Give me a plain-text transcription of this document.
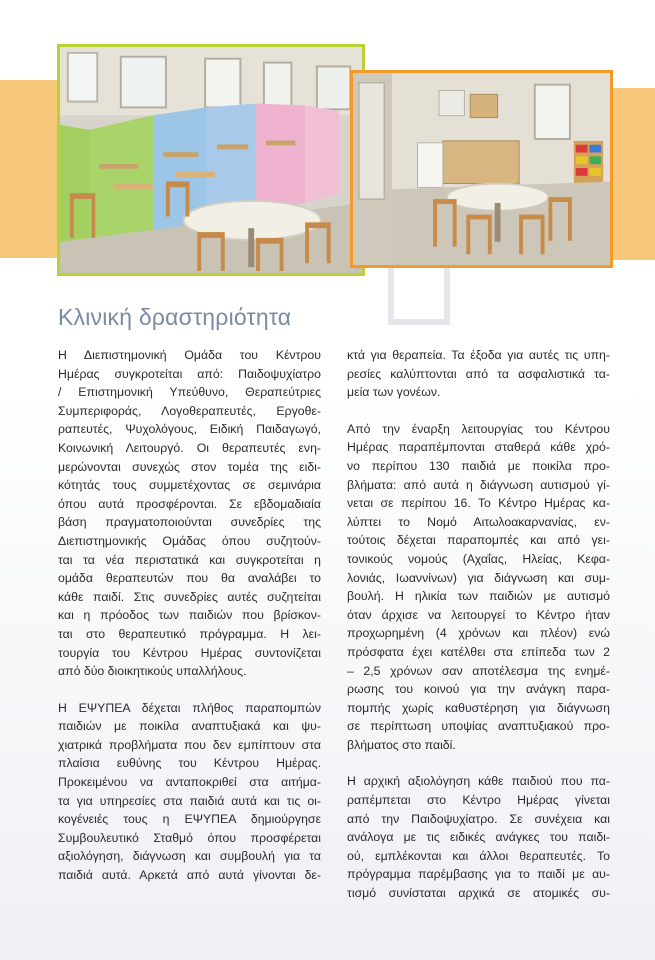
Κλινική δραστηριότητα

Η Διεπιστημονική Ομάδα του Κέντρου
Ημέρας συγκροτείται από: Παιδοψυχίατρο
/ Επιστημονική Υπεύθυνο, Θεραπεύτριες
Συμπεριφοράς, Λογοθεραπευτές, Εργοθε-
ραπευτές, Ψυχολόγους, Ειδική Παιδαγωγό,
Κοινωνική Λειτουργό. Οι θεραπευτές ενη-
μερώνονται συνεχώς στον τομέα της ειδι-
κότητάς τους συμμετέχοντας σε σεμινάρια
όπου αυτά προσφέρονται. Σε εβδομαδιαία
βάση πραγματοποιούνται συνεδρίες της
Διεπιστημονικής Ομάδας όπου συζητούν-
ται τα νέα περιστατικά και συγκροτείται η
ομάδα θεραπευτών που θα αναλάβει το
κάθε παιδί. Στις συνεδρίες αυτές συζητείται
και η πρόοδος των παιδιών που βρίσκον-
ται στο θεραπευτικό πρόγραμμα. Η λει-
τουργία του Κέντρου Ημέρας συντονίζεται
από δύο διοικητικούς υπαλλήλους.

Η ΕΨΥΠΕΑ δέχεται πλήθος παραπομπών
παιδιών με ποικίλα αναπτυξιακά και ψυ-
χιατρικά προβλήματα που δεν εμπίπτουν στα
πλαίσια ευθύνης του Κέντρου Ημέρας.
Προκειμένου να ανταποκριθεί στα αιτήμα-
τα για υπηρεσίες στα παιδιά αυτά και τις οι-
κογένειές τους η ΕΨΥΠΕΑ δημιούργησε
Συμβουλευτικό Σταθμό όπου προσφέρεται
αξιολόγηση, διάγνωση και συμβουλή για τα
παιδιά αυτά. Αρκετά από αυτά γίνονται δε-

κτά για θεραπεία. Τα έξοδα για αυτές τις υπη-
ρεσίες καλύπτονται από τα ασφαλιστικά τα-
μεία των γονέων.

Από την έναρξη λειτουργίας του Κέντρου
Ημέρας παραπέμπονται σταθερά κάθε χρό-
νο περίπου 130 παιδιά με ποικίλα προ-
βλήματα: από αυτά η διάγνωση αυτισμού γί-
νεται σε περίπου 16. Το Κέντρο Ημέρας κα-
λύπτει το Νομό Αιτωλοακαρνανίας, εν-
τούτοις δέχεται παραπομπές και από γει-
τονικούς νομούς (Αχαΐας, Ηλείας, Κεφα-
λονιάς, Ιωαννίνων) για διάγνωση και συμ-
βουλή. Η ηλικία των παιδιών με αυτισμό
όταν άρχισε να λειτουργεί το Κέντρο ήταν
προχωρημένη (4 χρόνων και πλέον) ενώ
πρόσφατα έχει κατέλθει στα επίπεδα των 2
– 2,5 χρόνων σαν αποτέλεσμα της ενημέ-
ρωσης του κοινού για την ανάγκη παρα-
πομπής χωρίς καθυστέρηση για διάγνωση
σε περίπτωση υποψίας αναπτυξιακού προ-
βλήματος στο παιδί.

Η αρχική αξιολόγηση κάθε παιδιού που πα-
ραπέμπεται στο Κέντρο Ημέρας γίνεται
από την Παιδοψυχίατρο. Σε συνέχεια και
ανάλογα με τις ειδικές ανάγκες του παιδι-
ού, εμπλέκονται και άλλοι θεραπευτές. Το
πρόγραμμα παρέμβασης για το παιδί με αυ-
τισμό συνίσταται αρχικά σε ατομικές συ-
